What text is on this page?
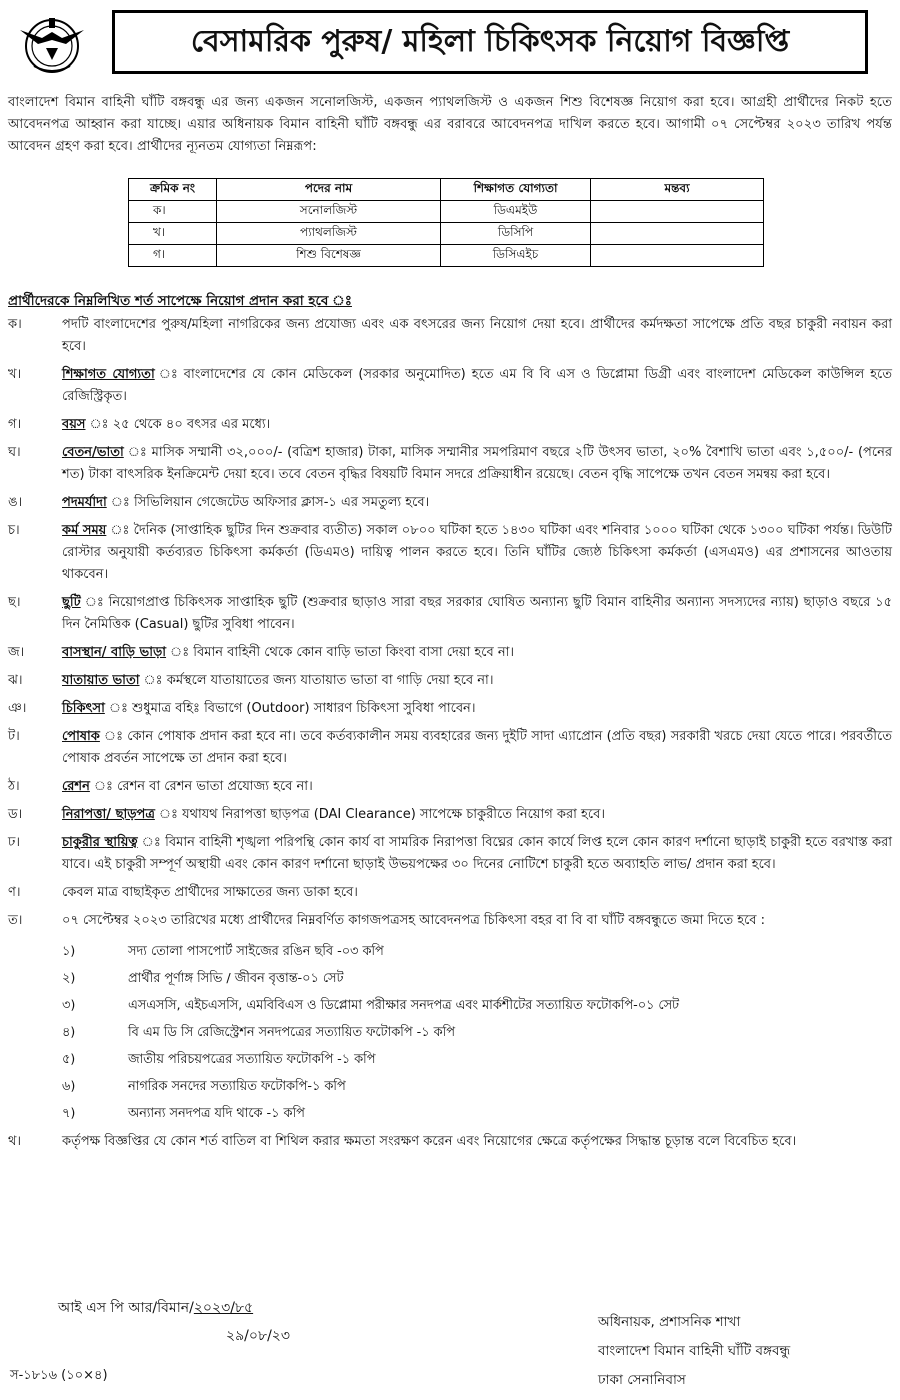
বেসামরিক পুরুষ/ মহিলা চিকিৎসক নিয়োগ বিজ্ঞপ্তি
বাংলাদেশ বিমান বাহিনী ঘাঁটি বঙ্গবন্ধু এর জন্য একজন সনোলজিস্ট, একজন প্যাথলজিস্ট ও একজন শিশু বিশেষজ্ঞ নিয়োগ করা হবে। আগ্রহী প্রার্থীদের নিকট হতে আবেদনপত্র আহ্বান করা যাচ্ছে। এয়ার অধিনায়ক বিমান বাহিনী ঘাঁটি বঙ্গবন্ধু এর বরাবরে আবেদনপত্র দাখিল করতে হবে। আগামী ০৭ সেপ্টেম্বর ২০২৩ তারিখ পর্যন্ত আবেদন গ্রহণ করা হবে। প্রার্থীদের ন্যূনতম যোগ্যতা নিম্নরূপ:
ক্রমিক নং	পদের নাম	শিক্ষাগত যোগ্যতা	মন্তব্য
ক।	সনোলজিস্ট	ডিএমইউ	
খ।	প্যাথলজিস্ট	ডিসিপি	
গ।	শিশু বিশেষজ্ঞ	ডিসিএইচ	
প্রার্থীদেরকে নিম্নলিখিত শর্ত সাপেক্ষে নিয়োগ প্রদান করা হবে ঃ
ক।	পদটি বাংলাদেশের পুরুষ/মহিলা নাগরিকের জন্য প্রযোজ্য এবং এক বৎসরের জন্য নিয়োগ দেয়া হবে। প্রার্থীদের কর্মদক্ষতা সাপেক্ষে প্রতি বছর চাকুরী নবায়ন করা হবে।
খ।	শিক্ষাগত যোগ্যতা ঃ বাংলাদেশের যে কোন মেডিকেল (সরকার অনুমোদিত) হতে এম বি বি এস ও ডিপ্লোমা ডিগ্রী এবং বাংলাদেশ মেডিকেল কাউন্সিল হতে রেজিস্ট্রিকৃত।
গ।	বয়স ঃ ২৫ থেকে ৪০ বৎসর এর মধ্যে।
ঘ।	বেতন/ভাতা ঃ মাসিক সম্মানী ৩২,০০০/- (বত্রিশ হাজার) টাকা, মাসিক সম্মানীর সমপরিমাণ বছরে ২টি উৎসব ভাতা, ২০% বৈশাখি ভাতা এবং ১,৫০০/- (পনের শত) টাকা বাৎসরিক ইনক্রিমেন্ট দেয়া হবে। তবে বেতন বৃদ্ধির বিষয়টি বিমান সদরে প্রক্রিয়াধীন রয়েছে। বেতন বৃদ্ধি সাপেক্ষে তখন বেতন সমন্বয় করা হবে।
ঙ।	পদমর্যাদা ঃ সিভিলিয়ান গেজেটেড অফিসার ক্লাস-১ এর সমতুল্য হবে।
চ।	কর্ম সময় ঃ দৈনিক (সাপ্তাহিক ছুটির দিন শুক্রবার ব্যতীত) সকাল ০৮০০ ঘটিকা হতে ১৪৩০ ঘটিকা এবং শনিবার ১০০০ ঘটিকা থেকে ১৩০০ ঘটিকা পর্যন্ত। ডিউটি রোস্টার অনুযায়ী কর্তব্যরত চিকিৎসা কর্মকর্তা (ডিএমও) দায়িত্ব পালন করতে হবে। তিনি ঘাঁটির জ্যেষ্ঠ চিকিৎসা কর্মকর্তা (এসএমও) এর প্রশাসনের আওতায় থাকবেন।
ছ।	ছুটি ঃ নিয়োগপ্রাপ্ত চিকিৎসক সাপ্তাহিক ছুটি (শুক্রবার ছাড়াও সারা বছর সরকার ঘোষিত অন্যান্য ছুটি বিমান বাহিনীর অন্যান্য সদস্যদের ন্যায়) ছাড়াও বছরে ১৫ দিন নৈমিত্তিক (Casual) ছুটির সুবিধা পাবেন।
জ।	বাসস্থান/ বাড়ি ভাড়া ঃ বিমান বাহিনী থেকে কোন বাড়ি ভাতা কিংবা বাসা দেয়া হবে না।
ঝ।	যাতায়াত ভাতা ঃ কর্মস্থলে যাতায়াতের জন্য যাতায়াত ভাতা বা গাড়ি দেয়া হবে না।
ঞ।	চিকিৎসা ঃ শুধুমাত্র বহিঃ বিভাগে (Outdoor) সাধারণ চিকিৎসা সুবিধা পাবেন।
ট।	পোষাক ঃ কোন পোষাক প্রদান করা হবে না। তবে কর্তব্যকালীন সময় ব্যবহারের জন্য দুইটি সাদা এ্যাপ্রোন (প্রতি বছর) সরকারী খরচে দেয়া যেতে পারে। পরবর্তীতে পোষাক প্রবর্তন সাপেক্ষে তা প্রদান করা হবে।
ঠ।	রেশন ঃ রেশন বা রেশন ভাতা প্রযোজ্য হবে না।
ড।	নিরাপত্তা/ ছাড়পত্র ঃ যথাযথ নিরাপত্তা ছাড়পত্র (DAI Clearance) সাপেক্ষে চাকুরীতে নিয়োগ করা হবে।
ঢ।	চাকুরীর স্থায়িত্ব ঃ বিমান বাহিনী শৃঙ্খলা পরিপন্থি কোন কার্য বা সামরিক নিরাপত্তা বিঘ্নের কোন কার্যে লিপ্ত হলে কোন কারণ দর্শানো ছাড়াই চাকুরী হতে বরখাস্ত করা যাবে। এই চাকুরী সম্পূর্ণ অস্থায়ী এবং কোন কারণ দর্শানো ছাড়াই উভয়পক্ষের ৩০ দিনের নোটিশে চাকুরী হতে অব্যাহতি লাভ/ প্রদান করা হবে।
ণ।	কেবল মাত্র বাছাইকৃত প্রার্থীদের সাক্ষাতের জন্য ডাকা হবে।
ত।	০৭ সেপ্টেম্বর ২০২৩ তারিখের মধ্যে প্রার্থীদের নিম্নবর্ণিত কাগজপত্রসহ আবেদনপত্র চিকিৎসা বহর বা বি বা ঘাঁটি বঙ্গবন্ধুতে জমা দিতে হবে :
১)	সদ্য তোলা পাসপোর্ট সাইজের রঙিন ছবি -০৩ কপি
২)	প্রার্থীর পূর্ণাঙ্গ সিভি / জীবন বৃত্তান্ত-০১ সেট
৩)	এসএসসি, এইচএসসি, এমবিবিএস ও ডিপ্লোমা পরীক্ষার সনদপত্র এবং মার্কশীটের সত্যায়িত ফটোকপি-০১ সেট
৪)	বি এম ডি সি রেজিস্ট্রেশন সনদপত্রের সত্যায়িত ফটোকপি -১ কপি
৫)	জাতীয় পরিচয়পত্রের সত্যায়িত ফটোকপি -১ কপি
৬)	নাগরিক সনদের সত্যায়িত ফটোকপি-১ কপি
৭)	অন্যান্য সনদপত্র যদি থাকে -১ কপি
থ।	কর্তৃপক্ষ বিজ্ঞপ্তির যে কোন শর্ত বাতিল বা শিথিল করার ক্ষমতা সংরক্ষণ করেন এবং নিয়োগের ক্ষেত্রে কর্তৃপক্ষের সিদ্ধান্ত চূড়ান্ত বলে বিবেচিত হবে।
আই এস পি আর/বিমান/২০২৩/৮৫
২৯/০৮/২৩
অধিনায়ক, প্রশাসনিক শাখা
বাংলাদেশ বিমান বাহিনী ঘাঁটি বঙ্গবন্ধু
ঢাকা সেনানিবাস
স-১৮১৬ (১০×৪)
